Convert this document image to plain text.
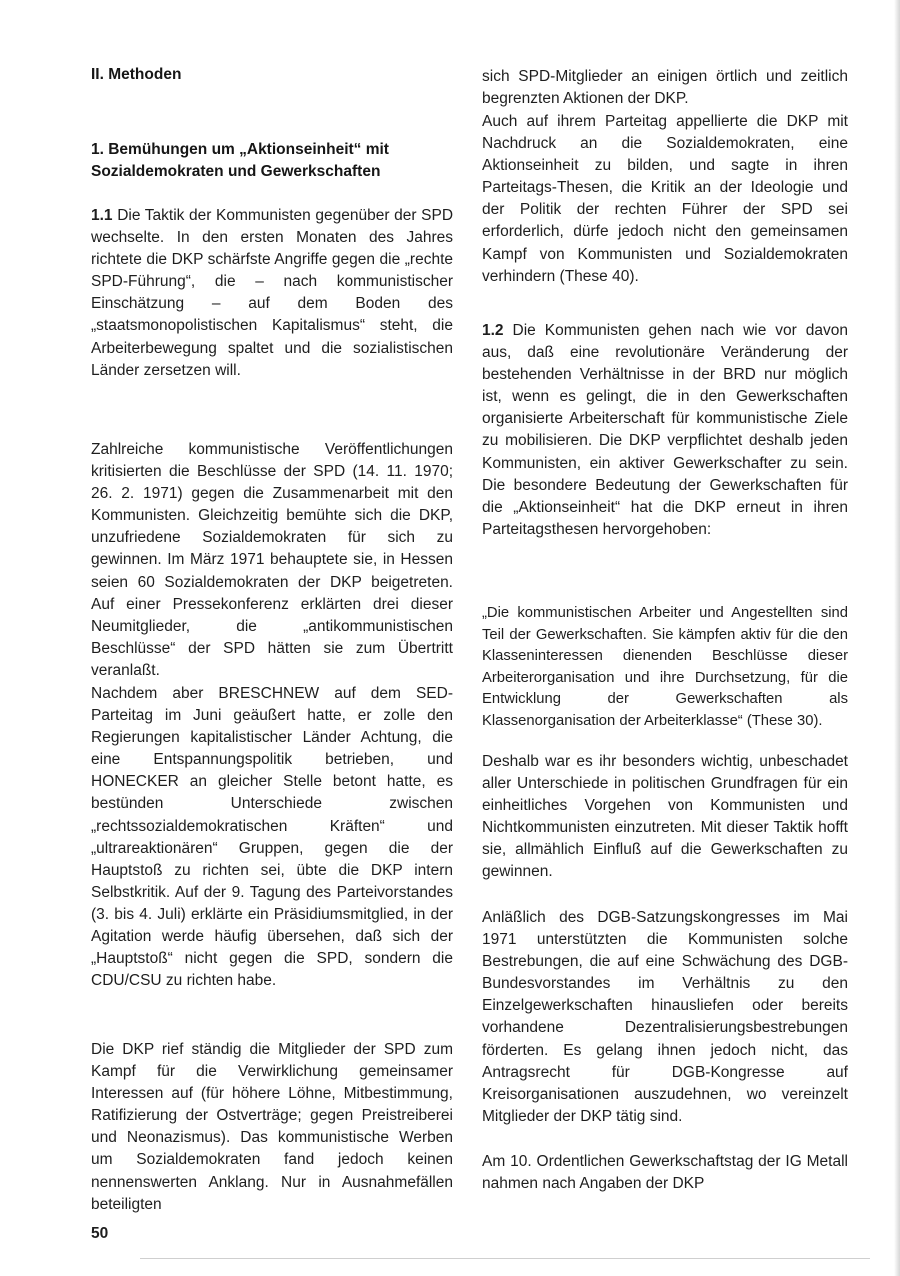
II. Methoden
1. Bemühungen um „Aktionseinheit“ mit Sozialdemokraten und Gewerkschaften

1.1 Die Taktik der Kommunisten gegenüber der SPD wechselte. In den ersten Monaten des Jahres richtete die DKP schärfste Angriffe gegen die „rechte SPD-Führung“, die – nach kommunistischer Einschätzung – auf dem Boden des „staatsmonopolistischen Kapitalismus“ steht, die Arbeiterbewegung spaltet und die sozialistischen Länder zersetzen will.

Zahlreiche kommunistische Veröffentlichungen kritisierten die Beschlüsse der SPD (14. 11. 1970; 26. 2. 1971) gegen die Zusammenarbeit mit den Kommunisten. Gleichzeitig bemühte sich die DKP, unzufriedene Sozialdemokraten für sich zu gewinnen. Im März 1971 behauptete sie, in Hessen seien 60 Sozialdemokraten der DKP beigetreten. Auf einer Pressekonferenz erklärten drei dieser Neumitglieder, die „antikommunistischen Beschlüsse“ der SPD hätten sie zum Übertritt veranlaßt.

Nachdem aber BRESCHNEW auf dem SED-Parteitag im Juni geäußert hatte, er zolle den Regierungen kapitalistischer Länder Achtung, die eine Entspannungspolitik betrieben, und HONECKER an gleicher Stelle betont hatte, es bestünden Unterschiede zwischen „rechtssozialdemokratischen Kräften“ und „ultrareaktionären“ Gruppen, gegen die der Hauptstoß zu richten sei, übte die DKP intern Selbstkritik. Auf der 9. Tagung des Parteivorstandes (3. bis 4. Juli) erklärte ein Präsidiumsmitglied, in der Agitation werde häufig übersehen, daß sich der „Hauptstoß“ nicht gegen die SPD, sondern die CDU/CSU zu richten habe.

Die DKP rief ständig die Mitglieder der SPD zum Kampf für die Verwirklichung gemeinsamer Interessen auf (für höhere Löhne, Mitbestimmung, Ratifizierung der Ostverträge; gegen Preistreiberei und Neonazismus). Das kommunistische Werben um Sozialdemokraten fand jedoch keinen nennenswerten Anklang. Nur in Ausnahmefällen beteiligten

50

sich SPD-Mitglieder an einigen örtlich und zeitlich begrenzten Aktionen der DKP.

Auch auf ihrem Parteitag appellierte die DKP mit Nachdruck an die Sozialdemokraten, eine Aktionseinheit zu bilden, und sagte in ihren Parteitags-Thesen, die Kritik an der Ideologie und der Politik der rechten Führer der SPD sei erforderlich, dürfe jedoch nicht den gemeinsamen Kampf von Kommunisten und Sozialdemokraten verhindern (These 40).

1.2 Die Kommunisten gehen nach wie vor davon aus, daß eine revolutionäre Veränderung der bestehenden Verhältnisse in der BRD nur möglich ist, wenn es gelingt, die in den Gewerkschaften organisierte Arbeiterschaft für kommunistische Ziele zu mobilisieren. Die DKP verpflichtet deshalb jeden Kommunisten, ein aktiver Gewerkschafter zu sein. Die besondere Bedeutung der Gewerkschaften für die „Aktionseinheit“ hat die DKP erneut in ihren Parteitagsthesen hervorgehoben:

„Die kommunistischen Arbeiter und Angestellten sind Teil der Gewerkschaften. Sie kämpfen aktiv für die den Klasseninteressen dienenden Beschlüsse dieser Arbeiterorganisation und ihre Durchsetzung, für die Entwicklung der Gewerkschaften als Klassenorganisation der Arbeiterklasse“ (These 30).

Deshalb war es ihr besonders wichtig, unbeschadet aller Unterschiede in politischen Grundfragen für ein einheitliches Vorgehen von Kommunisten und Nichtkommunisten einzutreten. Mit dieser Taktik hofft sie, allmählich Einfluß auf die Gewerkschaften zu gewinnen.

Anläßlich des DGB-Satzungskongresses im Mai 1971 unterstützten die Kommunisten solche Bestrebungen, die auf eine Schwächung des DGB-Bundesvorstandes im Verhältnis zu den Einzelgewerkschaften hinausliefen oder bereits vorhandene Dezentralisierungsbestrebungen förderten. Es gelang ihnen jedoch nicht, das Antragsrecht für DGB-Kongresse auf Kreisorganisationen auszudehnen, wo vereinzelt Mitglieder der DKP tätig sind.

Am 10. Ordentlichen Gewerkschaftstag der IG Metall nahmen nach Angaben der DKP
